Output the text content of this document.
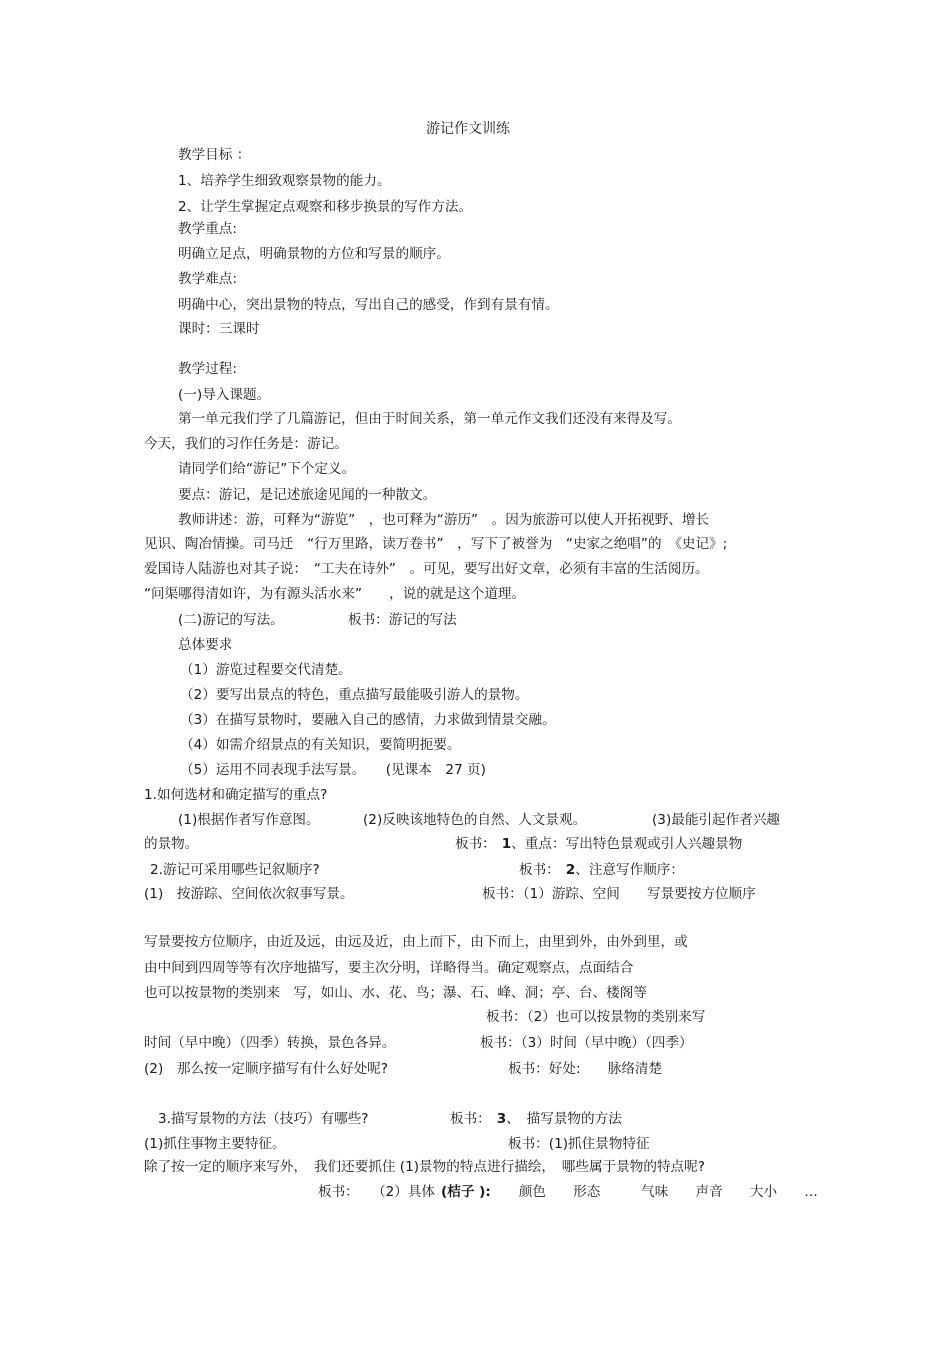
游记作文训练
教学目标 ：
1、培养学生细致观察景物的能力。
2、让学生掌握定点观察和移步换景的写作方法。
教学重点:
明确立足点，明确景物的方位和写景的顺序。
教学难点:
明确中心，突出景物的特点，写出自己的感受，作到有景有情。
课时：三课时
教学过程:
(一)导入课题。
第一单元我们学了几篇游记，但由于时间关系，第一单元作文我们还没有来得及写。
今天，我们的习作任务是：游记。
请同学们给“游记”下个定义。
要点：游记，是记述旅途见闻的一种散文。
教师讲述：游，可释为“游览”　，也可释为“游历”　。因为旅游可以使人开拓视野、增长
见识、陶冶情操。司马迁　“行万里路，读万卷书”　，写下了被誉为　“史家之绝唱”的　《史记》;
爱国诗人陆游也对其子说：　“工夫在诗外”　。可见，要写出好文章，必须有丰富的生活阅历。
“问渠哪得清如许，为有源头活水来”　　，说的就是这个道理。
(二)游记的写法。	板书：游记的写法
总体要求
（1）游览过程要交代清楚。
（2）要写出景点的特色，重点描写最能吸引游人的景物。
（3）在描写景物时，要融入自己的感情，力求做到情景交融。
（4）如需介绍景点的有关知识，要简明扼要。
（5）运用不同表现手法写景。　　(见课本　27 页)
1.如何选材和确定描写的重点?
(1)根据作者写作意图。	(2)反映该地特色的自然、人文景观。	(3)最能引起作者兴趣
的景物。	板书： 1、重点：写出特色景观或引人兴趣景物
2.游记可采用哪些记叙顺序?	板书： 2、注意写作顺序：
(1)　按游踪、空间依次叙事写景。	板书：（1）游踪、空间　　写景要按方位顺序
写景要按方位顺序，由近及远，由远及近，由上而下，由下而上，由里到外，由外到里，或
由中间到四周等等有次序地描写，要主次分明，详略得当。确定观察点，点面结合
也可以按景物的类别来　写，如山、水、花、鸟；瀑、石、峰、洞；亭、台、楼阁等
板书：（2）也可以按景物的类别来写
时间（早中晚）（四季）转换，景色各异。	板书：（3）时间（早中晚）（四季）
(2)　那么按一定顺序描写有什么好处呢?	板书：好处:　　脉络清楚
3.描写景物的方法（技巧）有哪些?	板书： 3、　描写景物的方法
(1)抓住事物主要特征。	板书：(1)抓住景物特征
除了按一定的顺序来写外，　我们还要抓住 (1)景物的特点进行描绘，　哪些属于景物的特点呢?
板书： （2）具体 (桔子 ): 颜色　　形态　　　气味　　声音　　大小　　…
